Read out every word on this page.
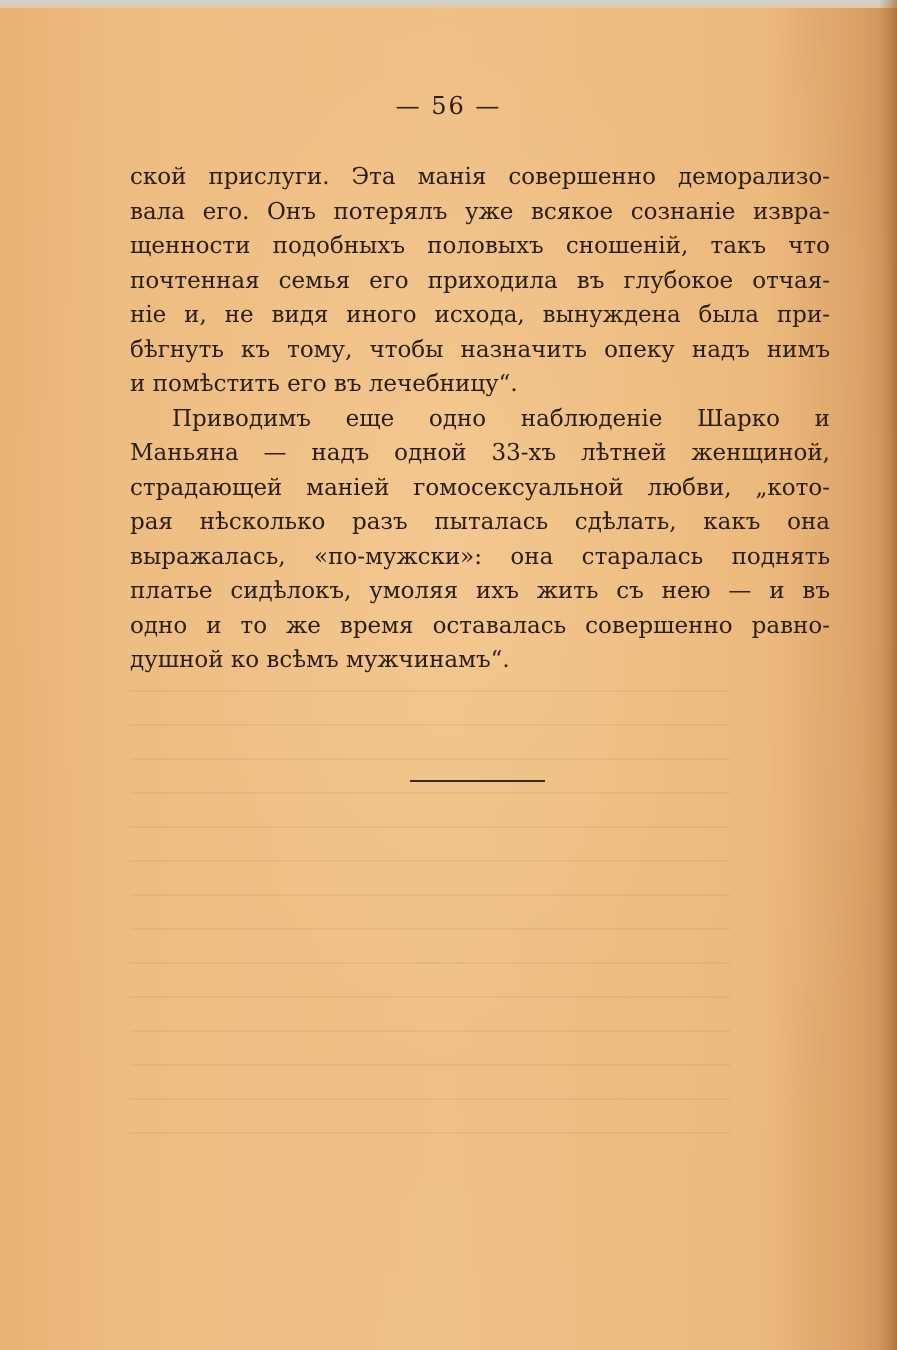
— 56 —

ской прислуги. Эта манія совершенно деморализо-
вала его. Онъ потерялъ уже всякое сознаніе извра-
щенности подобныхъ половыхъ сношеній, такъ что
почтенная семья его приходила въ глубокое отчая-
ніе и, не видя иного исхода, вынуждена была при-
бѣгнуть къ тому, чтобы назначить опеку надъ нимъ
и помѣстить его въ лечебницу“.

Приводимъ еще одно наблюденіе Шарко и
Маньяна — надъ одной 33-хъ лѣтней женщиной,
страдающей маніей гомосексуальной любви, „кото-
рая нѣсколько разъ пыталась сдѣлать, какъ она
выражалась, «по-мужски»: она старалась поднять
платье сидѣлокъ, умоляя ихъ жить съ нею — и въ
одно и то же время оставалась совершенно равно-
душной ко всѣмъ мужчинамъ“.
